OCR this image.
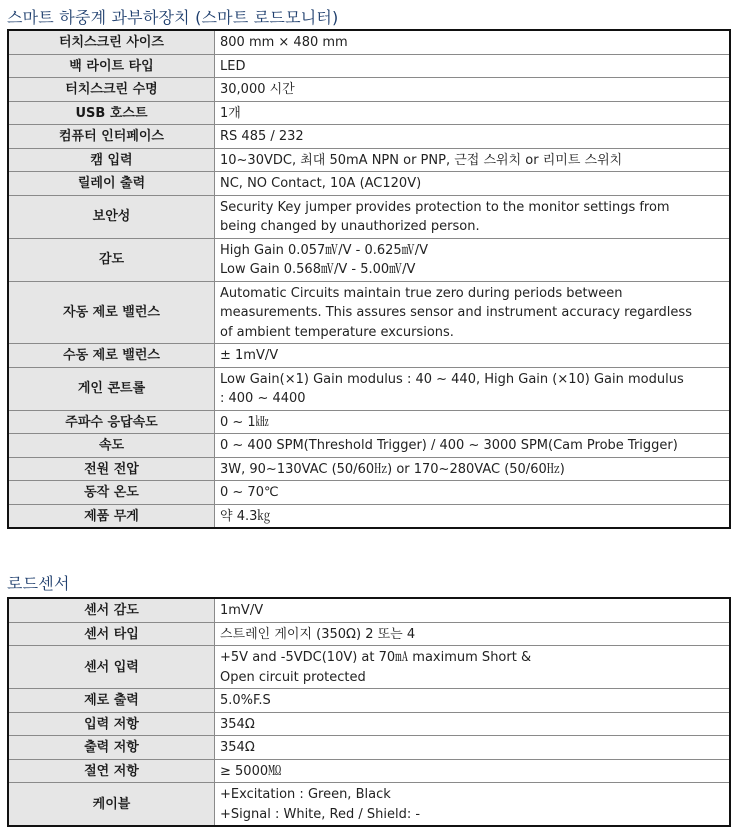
스마트 하중계 과부하장치 (스마트 로드모니터)
터치스크린 사이즈	800 mm × 480 mm
백 라이트 타입	LED
터치스크린 수명	30,000 시간
USB 호스트	1개
컴퓨터 인터페이스	RS 485 / 232
캠 입력	10~30VDC, 최대 50mA NPN or PNP, 근접 스위치 or 리미트 스위치
릴레이 출력	NC, NO Contact, 10A (AC120V)
보안성	Security Key jumper provides protection to the monitor settings from
being changed by unauthorized person.

감도	High Gain 0.057㎷/V - 0.625㎷/V
Low Gain 0.568㎷/V - 5.00㎷/V

자동 제로 밸런스	Automatic Circuits maintain true zero during periods between
measurements. This assures sensor and instrument accuracy regardless
of ambient temperature excursions.

수동 제로 밸런스	± 1mV/V
게인 콘트롤	Low Gain(×1) Gain modulus : 40 ~ 440, High Gain (×10) Gain modulus
: 400 ~ 4400

주파수 응답속도	0 ~ 1㎑
속도	0 ~ 400 SPM(Threshold Trigger) / 400 ~ 3000 SPM(Cam Probe Trigger)
전원 전압	3W, 90~130VAC (50/60㎐) or 170~280VAC (50/60㎐)
동작 온도	0 ~ 70℃
제품 무게	약 4.3㎏
로드센서
센서 감도	1mV/V
센서 타입	스트레인 게이지 (350Ω) 2 또는 4
센서 입력	+5V and -5VDC(10V) at 70㎃ maximum Short &
Open circuit protected

제로 출력	5.0%F.S
입력 저항	354Ω
출력 저항	354Ω
절연 저항	≥ 5000㏁
케이블	+Excitation : Green, Black
+Signal : White, Red / Shield: -
